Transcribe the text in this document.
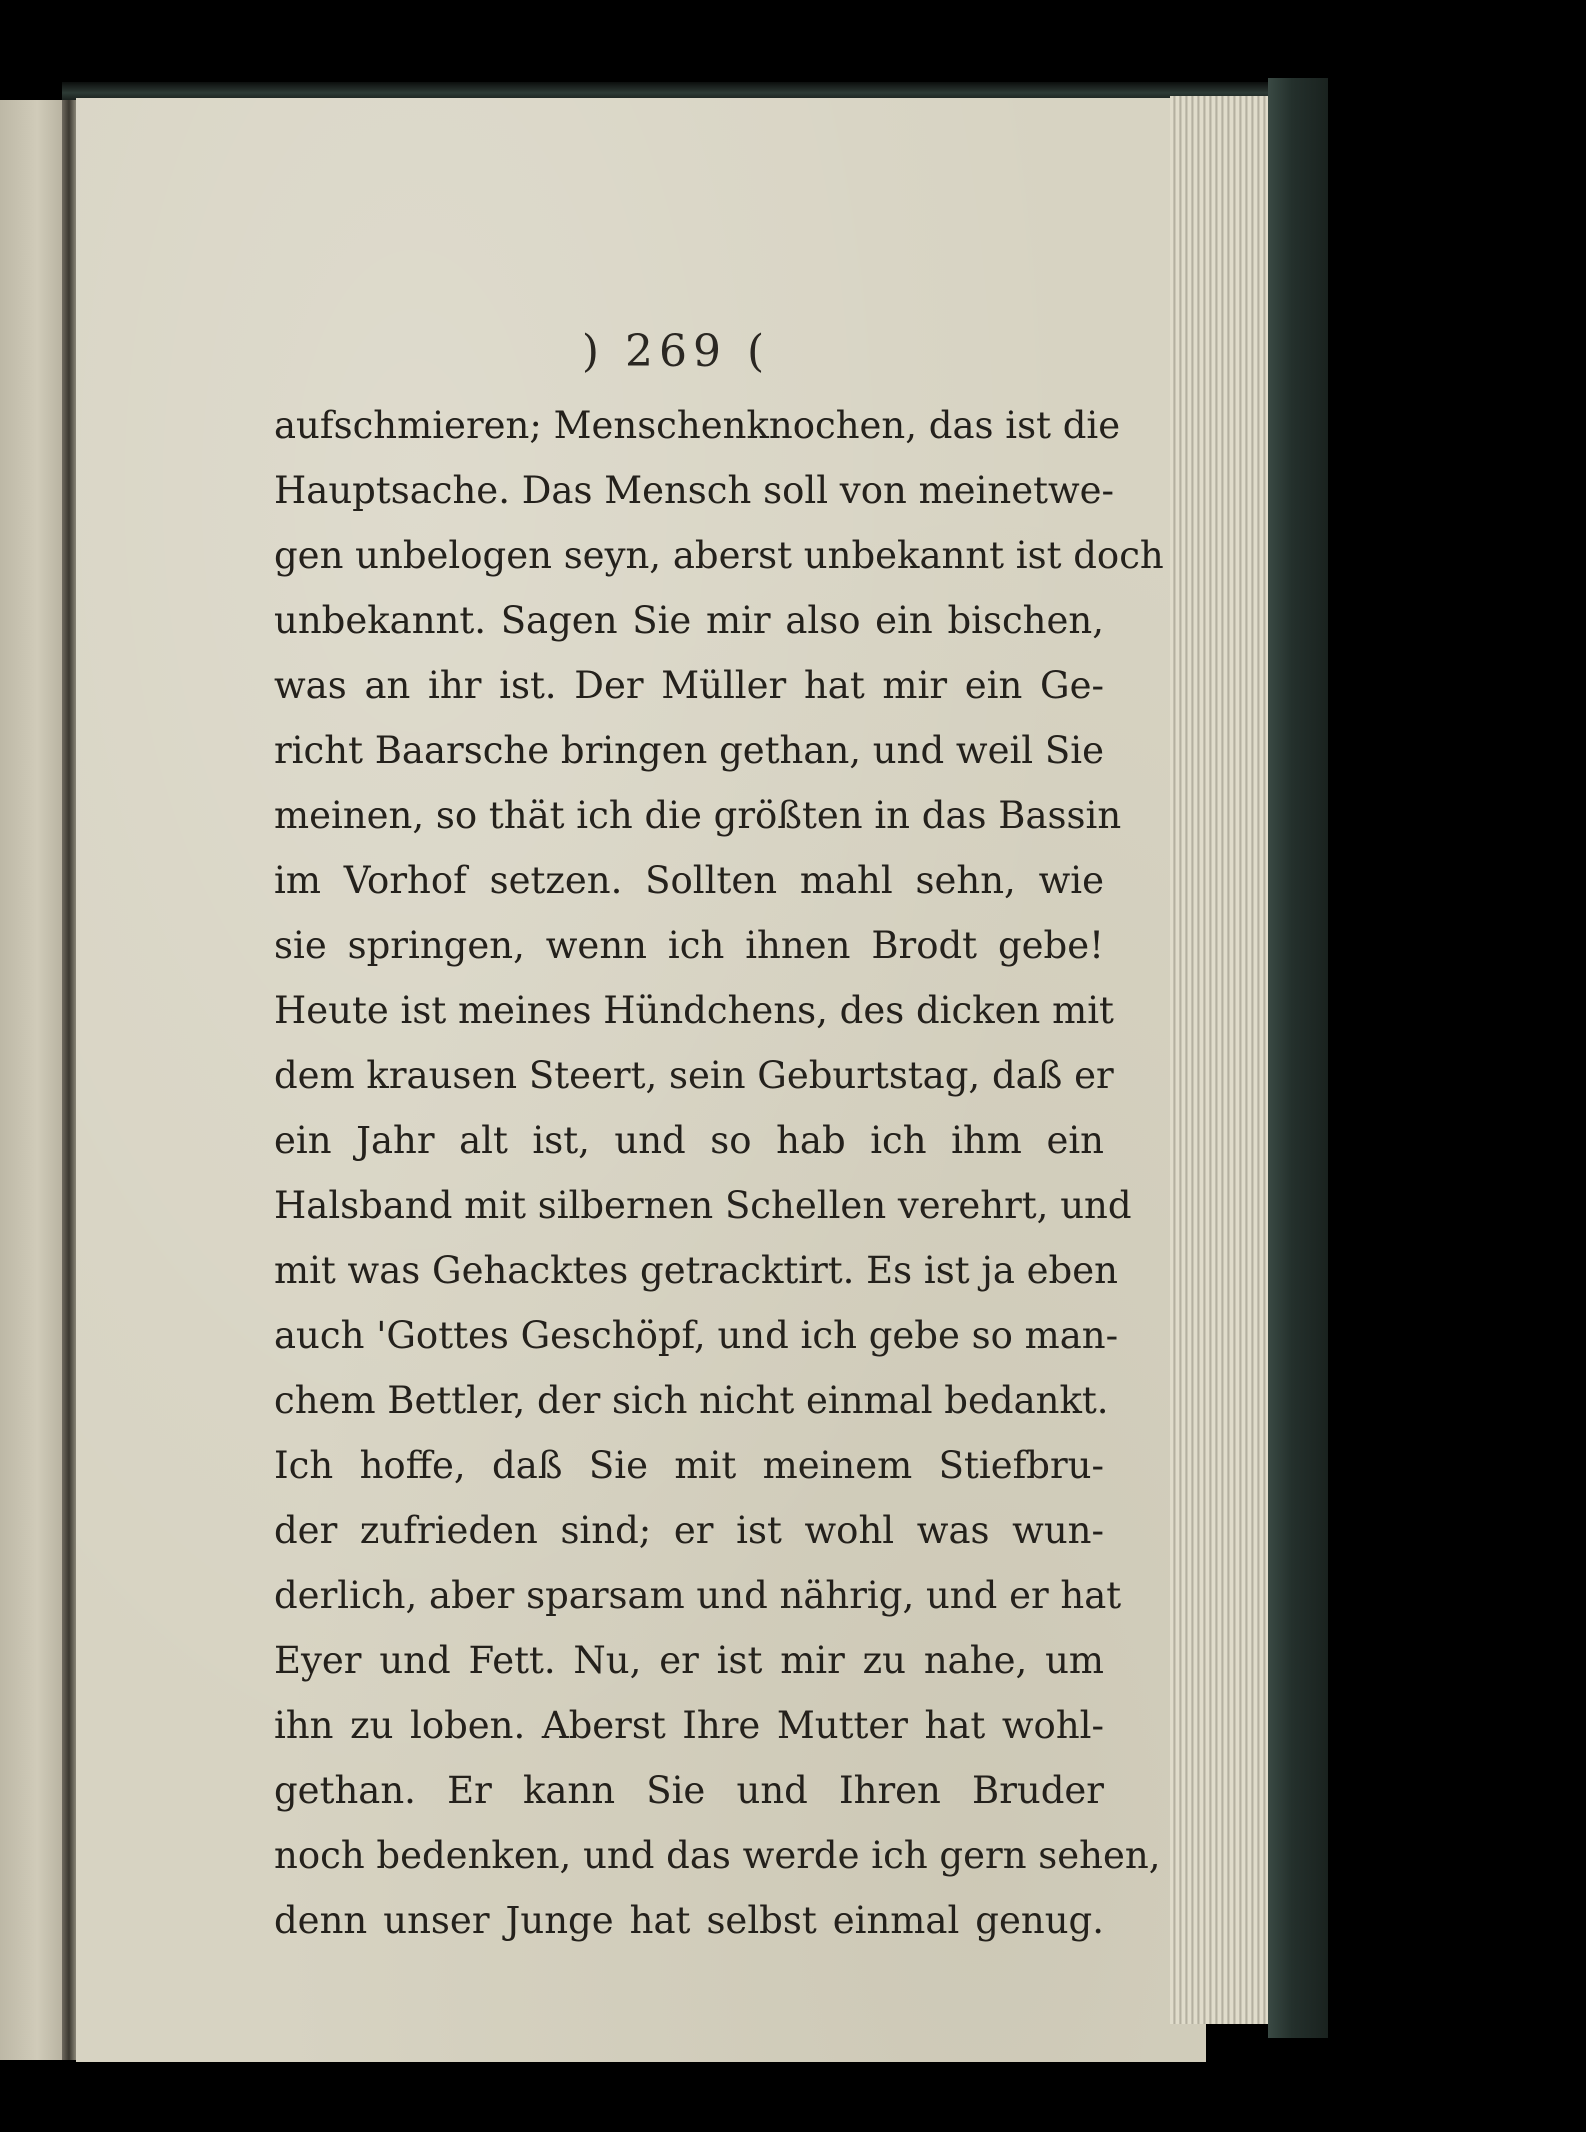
) 269 (
aufschmieren; Menschenknochen, das ist die
Hauptsache. Das Mensch soll von meinetwe-
gen unbelogen seyn, aberst unbekannt ist doch
unbekannt. Sagen Sie mir also ein bischen,
was an ihr ist. Der Müller hat mir ein Ge-
richt Baarsche bringen gethan, und weil Sie
meinen, so thät ich die größten in das Bassin
im Vorhof setzen. Sollten mahl sehn, wie
sie springen, wenn ich ihnen Brodt gebe!
Heute ist meines Hündchens, des dicken mit
dem krausen Steert, sein Geburtstag, daß er
ein Jahr alt ist, und so hab ich ihm ein
Halsband mit silbernen Schellen verehrt, und
mit was Gehacktes getracktirt. Es ist ja eben
auch 'Gottes Geschöpf, und ich gebe so man-
chem Bettler, der sich nicht einmal bedankt.
Ich hoffe, daß Sie mit meinem Stiefbru-
der zufrieden sind; er ist wohl was wun-
derlich, aber sparsam und nährig, und er hat
Eyer und Fett. Nu, er ist mir zu nahe, um
ihn zu loben. Aberst Ihre Mutter hat wohl-
gethan. Er kann Sie und Ihren Bruder
noch bedenken, und das werde ich gern sehen,
denn unser Junge hat selbst einmal genug.
